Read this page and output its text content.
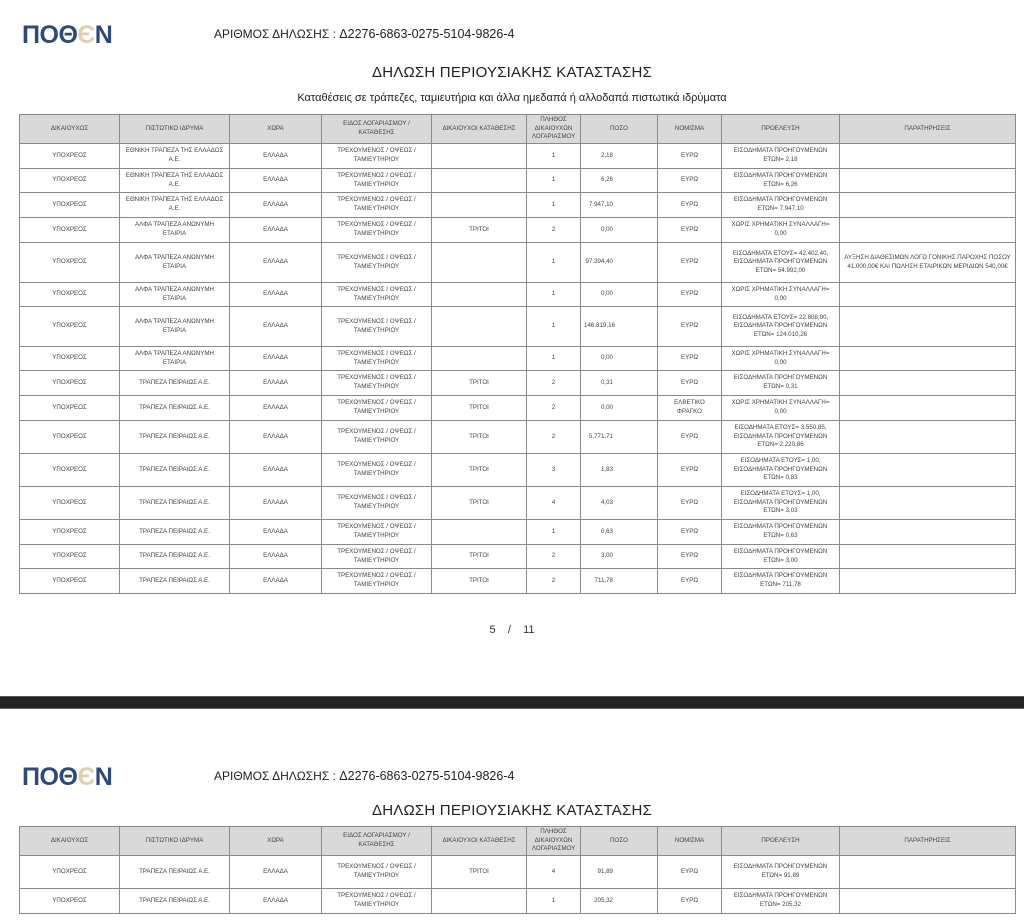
ΠΟΘЄΝ	ΑΡΙΘΜΟΣ ΔΗΛΩΣΗΣ : Δ2276-6863-0275-5104-9826-4
ΔΗΛΩΣΗ ΠΕΡΙΟΥΣΙΑΚΗΣ ΚΑΤΑΣΤΑΣΗΣ
Καταθέσεις σε τράπεζες, ταμιευτήρια και άλλα ημεδαπά ή αλλοδαπά πιστωτικά ιδρύματα
ΔΙΚΑΙΟΥΧΟΣ	ΠΙΣΤΩΤΙΚΟ ΙΔΡΥΜΑ	ΧΩΡΑ	ΕΙΔΟΣ ΛΟΓΑΡΙΑΣΜΟΥ / ΚΑΤΑΘΕΣΗΣ	ΔΙΚΑΙΟΥΧΟΙ ΚΑΤΑΘΕΣΗΣ	ΠΛΗΘΟΣ ΔΙΚΑΙΟΥΧΩΝ ΛΟΓΑΡΙΑΣΜΟΥ	ΠΟΣΟ	ΝΟΜΙΣΜΑ	ΠΡΟΕΛΕΥΣΗ	ΠΑΡΑΤΗΡΗΣΕΙΣ
ΥΠΟΧΡΕΟΣ	ΕΘΝΙΚΗ ΤΡΑΠΕΖΑ ΤΗΣ ΕΛΛΑΔΟΣ Α.Ε.	ΕΛΛΑΔΑ	ΤΡΕΧΟΥΜΕΝΟΣ / ΟΨΕΩΣ / ΤΑΜΙΕΥΤΗΡΙΟΥ		1	2,18	ΕΥΡΩ	ΕΙΣΟΔΗΜΑΤΑ ΠΡΟΗΓΟΥΜΕΝΩΝ ΕΤΩΝ= 2,18	
ΥΠΟΧΡΕΟΣ	ΕΘΝΙΚΗ ΤΡΑΠΕΖΑ ΤΗΣ ΕΛΛΑΔΟΣ Α.Ε.	ΕΛΛΑΔΑ	ΤΡΕΧΟΥΜΕΝΟΣ / ΟΨΕΩΣ / ΤΑΜΙΕΥΤΗΡΙΟΥ		1	6,26	ΕΥΡΩ	ΕΙΣΟΔΗΜΑΤΑ ΠΡΟΗΓΟΥΜΕΝΩΝ ΕΤΩΝ= 6,26	
ΥΠΟΧΡΕΟΣ	ΕΘΝΙΚΗ ΤΡΑΠΕΖΑ ΤΗΣ ΕΛΛΑΔΟΣ Α.Ε.	ΕΛΛΑΔΑ	ΤΡΕΧΟΥΜΕΝΟΣ / ΟΨΕΩΣ / ΤΑΜΙΕΥΤΗΡΙΟΥ		1	7.947,10	ΕΥΡΩ	ΕΙΣΟΔΗΜΑΤΑ ΠΡΟΗΓΟΥΜΕΝΩΝ ΕΤΩΝ= 7.947,10	
ΥΠΟΧΡΕΟΣ	ΑΛΦΑ ΤΡΑΠΕΖΑ ΑΝΩΝΥΜΗ ΕΤΑΙΡΙΑ	ΕΛΛΑΔΑ	ΤΡΕΧΟΥΜΕΝΟΣ / ΟΨΕΩΣ / ΤΑΜΙΕΥΤΗΡΙΟΥ	ΤΡΙΤΟΙ	2	0,00	ΕΥΡΩ	ΧΩΡΙΣ ΧΡΗΜΑΤΙΚΗ ΣΥΝΑΛΛΑΓΗ= 0,00	
ΥΠΟΧΡΕΟΣ	ΑΛΦΑ ΤΡΑΠΕΖΑ ΑΝΩΝΥΜΗ ΕΤΑΙΡΙΑ	ΕΛΛΑΔΑ	ΤΡΕΧΟΥΜΕΝΟΣ / ΟΨΕΩΣ / ΤΑΜΙΕΥΤΗΡΙΟΥ		1	97.394,40	ΕΥΡΩ	ΕΙΣΟΔΗΜΑΤΑ ΕΤΟΥΣ= 42.402,40, ΕΙΣΟΔΗΜΑΤΑ ΠΡΟΗΓΟΥΜΕΝΩΝ ΕΤΩΝ= 54.992,00	ΑΥΞΗΣΗ ΔΙΑΘΕΣΙΜΩΝ ΛΟΓΩ ΓΟΝΙΚΗΣ ΠΑΡΟΧΗΣ ΠΟΣΟΥ 41.000,00€ ΚΑΙ ΠΩΛΗΣΗ ΕΤΑΙΡΙΚΩΝ ΜΕΡΙΔΙΩΝ 540,00€
ΥΠΟΧΡΕΟΣ	ΑΛΦΑ ΤΡΑΠΕΖΑ ΑΝΩΝΥΜΗ ΕΤΑΙΡΙΑ	ΕΛΛΑΔΑ	ΤΡΕΧΟΥΜΕΝΟΣ / ΟΨΕΩΣ / ΤΑΜΙΕΥΤΗΡΙΟΥ		1	0,00	ΕΥΡΩ	ΧΩΡΙΣ ΧΡΗΜΑΤΙΚΗ ΣΥΝΑΛΛΑΓΗ= 0,00	
ΥΠΟΧΡΕΟΣ	ΑΛΦΑ ΤΡΑΠΕΖΑ ΑΝΩΝΥΜΗ ΕΤΑΙΡΙΑ	ΕΛΛΑΔΑ	ΤΡΕΧΟΥΜΕΝΟΣ / ΟΨΕΩΣ / ΤΑΜΙΕΥΤΗΡΙΟΥ		1	146.819,16	ΕΥΡΩ	ΕΙΣΟΔΗΜΑΤΑ ΕΤΟΥΣ= 22.808,90, ΕΙΣΟΔΗΜΑΤΑ ΠΡΟΗΓΟΥΜΕΝΩΝ ΕΤΩΝ= 124.010,26	
ΥΠΟΧΡΕΟΣ	ΑΛΦΑ ΤΡΑΠΕΖΑ ΑΝΩΝΥΜΗ ΕΤΑΙΡΙΑ	ΕΛΛΑΔΑ	ΤΡΕΧΟΥΜΕΝΟΣ / ΟΨΕΩΣ / ΤΑΜΙΕΥΤΗΡΙΟΥ		1	0,00	ΕΥΡΩ	ΧΩΡΙΣ ΧΡΗΜΑΤΙΚΗ ΣΥΝΑΛΛΑΓΗ= 0,00	
ΥΠΟΧΡΕΟΣ	ΤΡΑΠΕΖΑ ΠΕΙΡΑΙΩΣ Α.Ε.	ΕΛΛΑΔΑ	ΤΡΕΧΟΥΜΕΝΟΣ / ΟΨΕΩΣ / ΤΑΜΙΕΥΤΗΡΙΟΥ	ΤΡΙΤΟΙ	2	0,31	ΕΥΡΩ	ΕΙΣΟΔΗΜΑΤΑ ΠΡΟΗΓΟΥΜΕΝΩΝ ΕΤΩΝ= 0,31	
ΥΠΟΧΡΕΟΣ	ΤΡΑΠΕΖΑ ΠΕΙΡΑΙΩΣ Α.Ε.	ΕΛΛΑΔΑ	ΤΡΕΧΟΥΜΕΝΟΣ / ΟΨΕΩΣ / ΤΑΜΙΕΥΤΗΡΙΟΥ	ΤΡΙΤΟΙ	2	0,00	ΕΛΒΕΤΙΚΟ ΦΡΑΓΚΟ	ΧΩΡΙΣ ΧΡΗΜΑΤΙΚΗ ΣΥΝΑΛΛΑΓΗ= 0,00	
ΥΠΟΧΡΕΟΣ	ΤΡΑΠΕΖΑ ΠΕΙΡΑΙΩΣ Α.Ε.	ΕΛΛΑΔΑ	ΤΡΕΧΟΥΜΕΝΟΣ / ΟΨΕΩΣ / ΤΑΜΙΕΥΤΗΡΙΟΥ	ΤΡΙΤΟΙ	2	5.771,71	ΕΥΡΩ	ΕΙΣΟΔΗΜΑΤΑ ΕΤΟΥΣ= 3.550,85, ΕΙΣΟΔΗΜΑΤΑ ΠΡΟΗΓΟΥΜΕΝΩΝ ΕΤΩΝ= 2.220,86	
ΥΠΟΧΡΕΟΣ	ΤΡΑΠΕΖΑ ΠΕΙΡΑΙΩΣ Α.Ε.	ΕΛΛΑΔΑ	ΤΡΕΧΟΥΜΕΝΟΣ / ΟΨΕΩΣ / ΤΑΜΙΕΥΤΗΡΙΟΥ	ΤΡΙΤΟΙ	3	1,83	ΕΥΡΩ	ΕΙΣΟΔΗΜΑΤΑ ΕΤΟΥΣ= 1,00, ΕΙΣΟΔΗΜΑΤΑ ΠΡΟΗΓΟΥΜΕΝΩΝ ΕΤΩΝ= 0,83	
ΥΠΟΧΡΕΟΣ	ΤΡΑΠΕΖΑ ΠΕΙΡΑΙΩΣ Α.Ε.	ΕΛΛΑΔΑ	ΤΡΕΧΟΥΜΕΝΟΣ / ΟΨΕΩΣ / ΤΑΜΙΕΥΤΗΡΙΟΥ	ΤΡΙΤΟΙ	4	4,03	ΕΥΡΩ	ΕΙΣΟΔΗΜΑΤΑ ΕΤΟΥΣ= 1,00, ΕΙΣΟΔΗΜΑΤΑ ΠΡΟΗΓΟΥΜΕΝΩΝ ΕΤΩΝ= 3,03	
ΥΠΟΧΡΕΟΣ	ΤΡΑΠΕΖΑ ΠΕΙΡΑΙΩΣ Α.Ε.	ΕΛΛΑΔΑ	ΤΡΕΧΟΥΜΕΝΟΣ / ΟΨΕΩΣ / ΤΑΜΙΕΥΤΗΡΙΟΥ		1	0,63	ΕΥΡΩ	ΕΙΣΟΔΗΜΑΤΑ ΠΡΟΗΓΟΥΜΕΝΩΝ ΕΤΩΝ= 0,63	
ΥΠΟΧΡΕΟΣ	ΤΡΑΠΕΖΑ ΠΕΙΡΑΙΩΣ Α.Ε.	ΕΛΛΑΔΑ	ΤΡΕΧΟΥΜΕΝΟΣ / ΟΨΕΩΣ / ΤΑΜΙΕΥΤΗΡΙΟΥ	ΤΡΙΤΟΙ	2	3,00	ΕΥΡΩ	ΕΙΣΟΔΗΜΑΤΑ ΠΡΟΗΓΟΥΜΕΝΩΝ ΕΤΩΝ= 3,00	
ΥΠΟΧΡΕΟΣ	ΤΡΑΠΕΖΑ ΠΕΙΡΑΙΩΣ Α.Ε.	ΕΛΛΑΔΑ	ΤΡΕΧΟΥΜΕΝΟΣ / ΟΨΕΩΣ / ΤΑΜΙΕΥΤΗΡΙΟΥ	ΤΡΙΤΟΙ	2	711,78	ΕΥΡΩ	ΕΙΣΟΔΗΜΑΤΑ ΠΡΟΗΓΟΥΜΕΝΩΝ ΕΤΩΝ= 711,78	
5 / 11
ΠΟΘЄΝ	ΑΡΙΘΜΟΣ ΔΗΛΩΣΗΣ : Δ2276-6863-0275-5104-9826-4
ΔΗΛΩΣΗ ΠΕΡΙΟΥΣΙΑΚΗΣ ΚΑΤΑΣΤΑΣΗΣ
ΔΙΚΑΙΟΥΧΟΣ	ΠΙΣΤΩΤΙΚΟ ΙΔΡΥΜΑ	ΧΩΡΑ	ΕΙΔΟΣ ΛΟΓΑΡΙΑΣΜΟΥ / ΚΑΤΑΘΕΣΗΣ	ΔΙΚΑΙΟΥΧΟΙ ΚΑΤΑΘΕΣΗΣ	ΠΛΗΘΟΣ ΔΙΚΑΙΟΥΧΩΝ ΛΟΓΑΡΙΑΣΜΟΥ	ΠΟΣΟ	ΝΟΜΙΣΜΑ	ΠΡΟΕΛΕΥΣΗ	ΠΑΡΑΤΗΡΗΣΕΙΣ
ΥΠΟΧΡΕΟΣ	ΤΡΑΠΕΖΑ ΠΕΙΡΑΙΩΣ Α.Ε.	ΕΛΛΑΔΑ	ΤΡΕΧΟΥΜΕΝΟΣ / ΟΨΕΩΣ / ΤΑΜΙΕΥΤΗΡΙΟΥ	ΤΡΙΤΟΙ	4	91,89	ΕΥΡΩ	ΕΙΣΟΔΗΜΑΤΑ ΠΡΟΗΓΟΥΜΕΝΩΝ ΕΤΩΝ= 91,89	
ΥΠΟΧΡΕΟΣ	ΤΡΑΠΕΖΑ ΠΕΙΡΑΙΩΣ Α.Ε.	ΕΛΛΑΔΑ	ΤΡΕΧΟΥΜΕΝΟΣ / ΟΨΕΩΣ / ΤΑΜΙΕΥΤΗΡΙΟΥ		1	205,32	ΕΥΡΩ	ΕΙΣΟΔΗΜΑΤΑ ΠΡΟΗΓΟΥΜΕΝΩΝ ΕΤΩΝ= 205,32	
